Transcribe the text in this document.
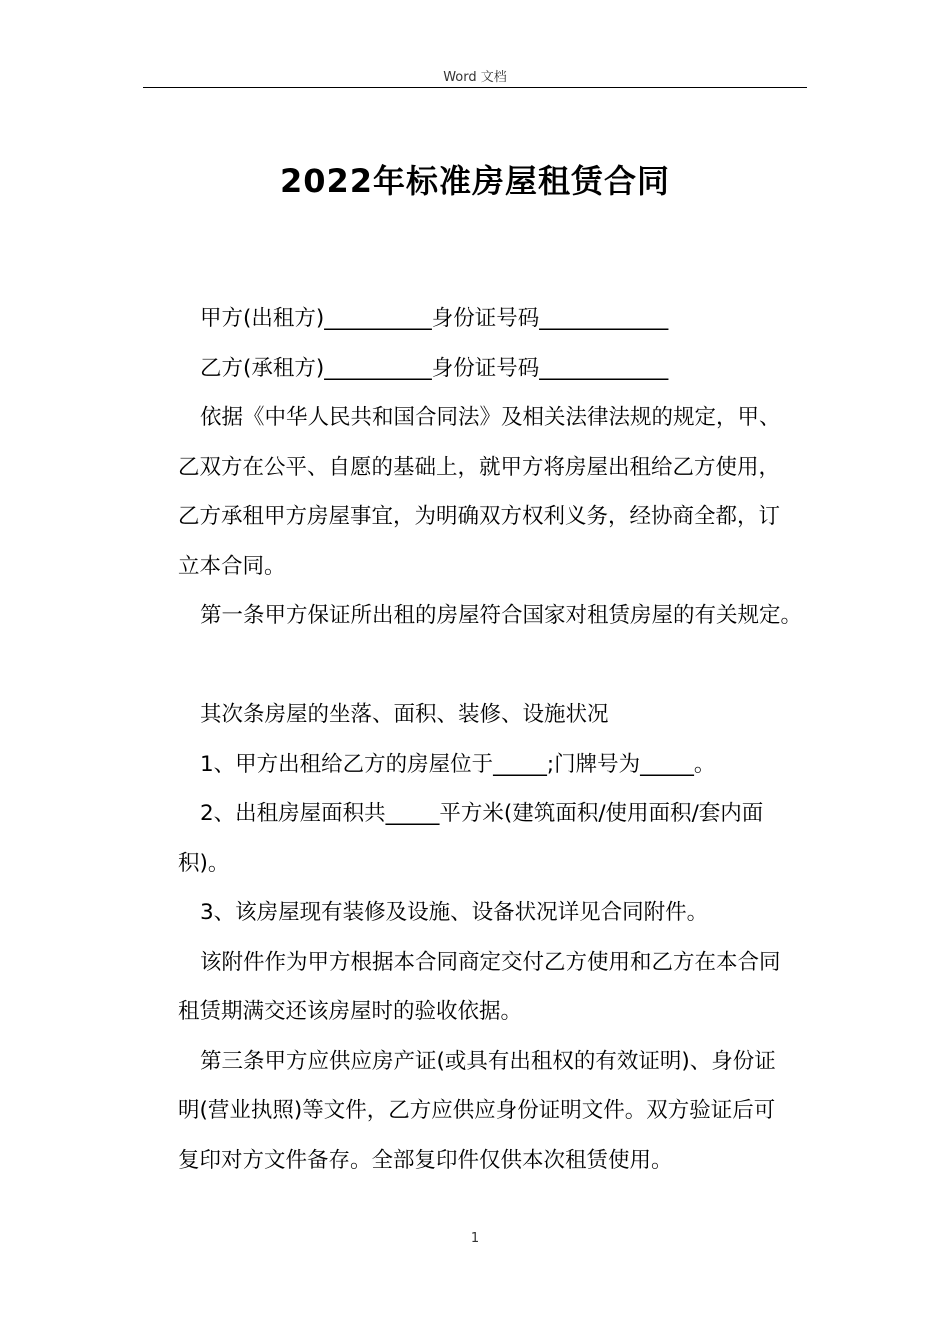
Word 文档
2022年标准房屋租赁合同

甲方(出租方)__________身份证号码____________

乙方(承租方)__________身份证号码____________

依据《中华人民共和国合同法》及相关法律法规的规定，甲、

乙双方在公平、自愿的基础上，就甲方将房屋出租给乙方使用，

乙方承租甲方房屋事宜，为明确双方权利义务，经协商全都，订

立本合同。

第一条甲方保证所出租的房屋符合国家对租赁房屋的有关规定。

其次条房屋的坐落、面积、装修、设施状况

1、甲方出租给乙方的房屋位于_____;门牌号为_____。

2、出租房屋面积共_____平方米(建筑面积/使用面积/套内面

积)。

3、该房屋现有装修及设施、设备状况详见合同附件。

该附件作为甲方根据本合同商定交付乙方使用和乙方在本合同

租赁期满交还该房屋时的验收依据。

第三条甲方应供应房产证(或具有出租权的有效证明)、身份证

明(营业执照)等文件，乙方应供应身份证明文件。双方验证后可

复印对方文件备存。全部复印件仅供本次租赁使用。

1
